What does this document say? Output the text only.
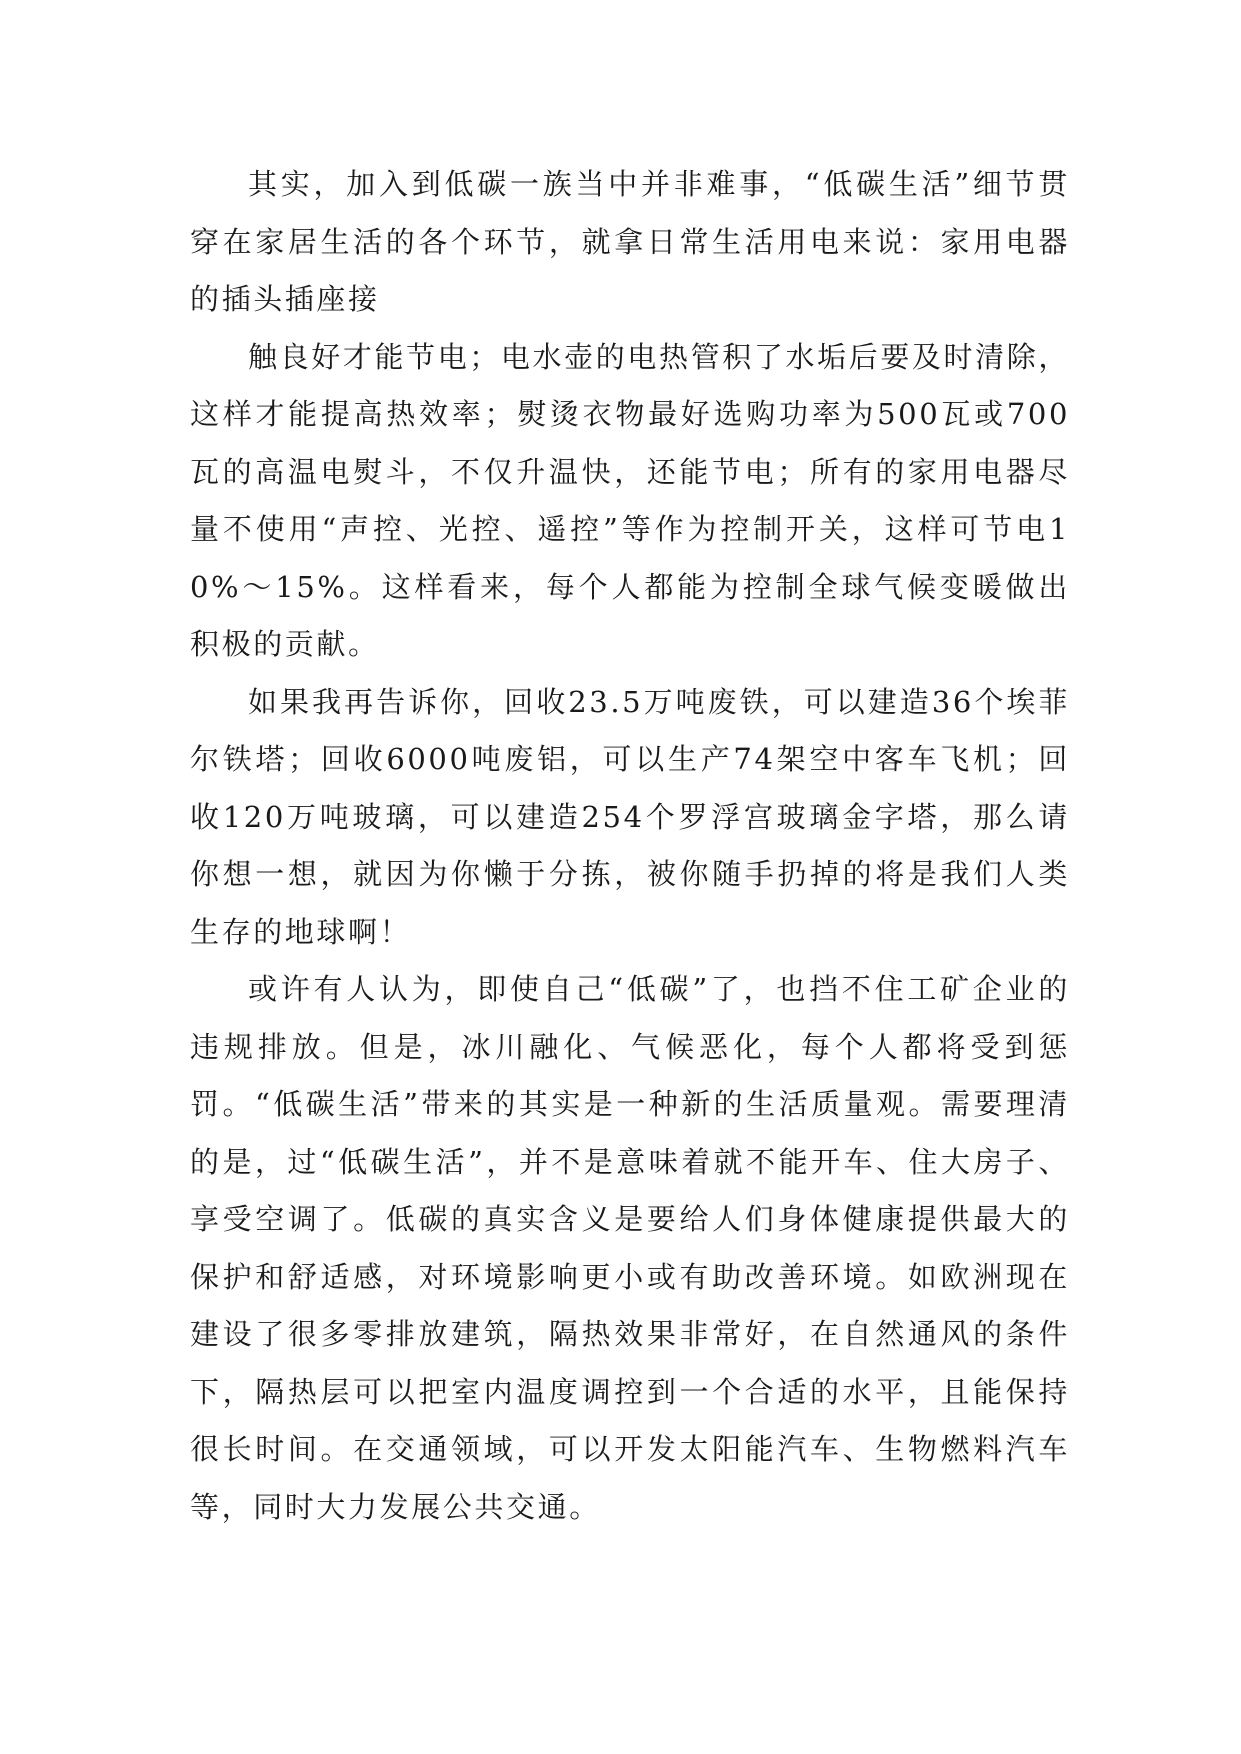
其实，加入到低碳一族当中并非难事，“低碳生活”细节贯穿在家居生活的各个环节，就拿日常生活用电来说：家用电器的插头插座接

触良好才能节电；电水壶的电热管积了水垢后要及时清除，这样才能提高热效率；熨烫衣物最好选购功率为500瓦或700瓦的高温电熨斗，不仅升温快，还能节电；所有的家用电器尽量不使用“声控、光控、遥控”等作为控制开关，这样可节电10%～15%。这样看来，每个人都能为控制全球气候变暖做出积极的贡献。

如果我再告诉你，回收23.5万吨废铁，可以建造36个埃菲尔铁塔；回收6000吨废铝，可以生产74架空中客车飞机；回收120万吨玻璃，可以建造254个罗浮宫玻璃金字塔，那么请你想一想，就因为你懒于分拣，被你随手扔掉的将是我们人类生存的地球啊！

或许有人认为，即使自己“低碳”了，也挡不住工矿企业的违规排放。但是，冰川融化、气候恶化，每个人都将受到惩罚。“低碳生活”带来的其实是一种新的生活质量观。需要理清的是，过“低碳生活”，并不是意味着就不能开车、住大房子、享受空调了。低碳的真实含义是要给人们身体健康提供最大的保护和舒适感，对环境影响更小或有助改善环境。如欧洲现在建设了很多零排放建筑，隔热效果非常好，在自然通风的条件下，隔热层可以把室内温度调控到一个合适的水平，且能保持很长时间。在交通领域，可以开发太阳能汽车、生物燃料汽车等，同时大力发展公共交通。
